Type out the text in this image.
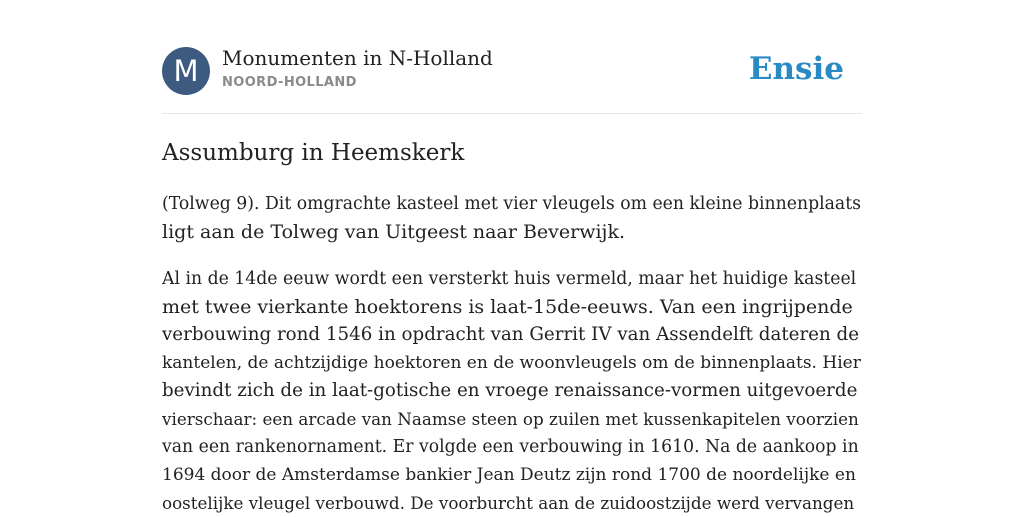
M	Monumenten in N-Holland
NOORD-HOLLAND	Ensie
Assumburg in Heemskerk

(Tolweg 9). Dit omgrachte kasteel met vier vleugels om een kleine binnenplaats
ligt aan de Tolweg van Uitgeest naar Beverwijk.

Al in de 14de eeuw wordt een versterkt huis vermeld, maar het huidige kasteel
met twee vierkante hoektorens is laat-15de-eeuws. Van een ingrijpende
verbouwing rond 1546 in opdracht van Gerrit IV van Assendelft dateren de
kantelen, de achtzijdige hoektoren en de woonvleugels om de binnenplaats. Hier
bevindt zich de in laat-gotische en vroege renaissance-vormen uitgevoerde
vierschaar: een arcade van Naamse steen op zuilen met kussenkapitelen voorzien
van een rankenornament. Er volgde een verbouwing in 1610. Na de aankoop in
1694 door de Amsterdamse bankier Jean Deutz zijn rond 1700 de noordelijke en
oostelijke vleugel verbouwd. De voorburcht aan de zuidoostzijde werd vervangen
